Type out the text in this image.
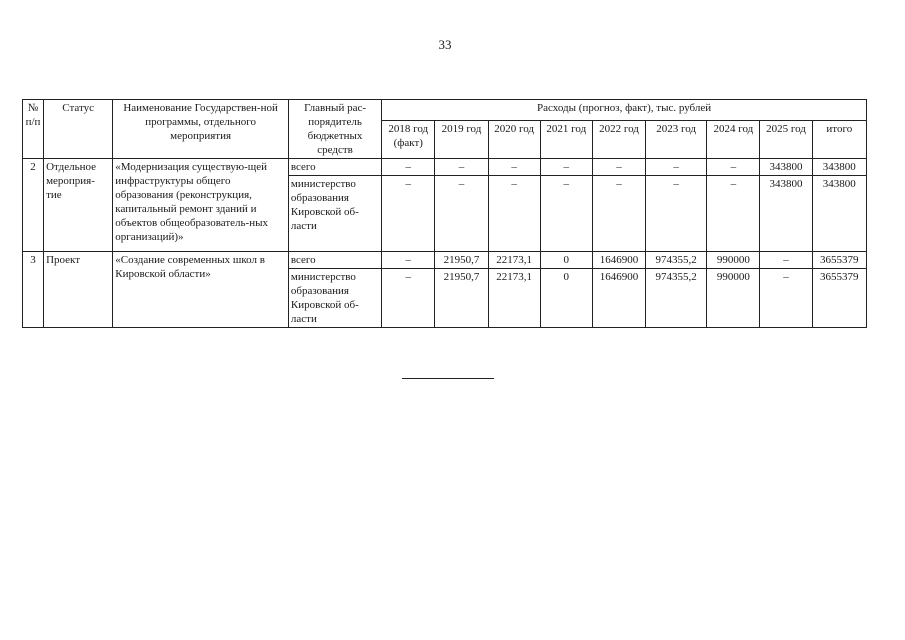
33
№ п/п	Статус	Наименование Государствен-ной программы, отдельного мероприятия	Главный рас-порядитель бюджетных средств	Расходы (прогноз, факт), тыс. рублей								
				2018 год (факт)	2019 год	2020 год	2021 год	2022 год	2023 год	2024 год	2025 год	итого
2	Отдельное мероприя-тие	«Модернизация существую-щей инфраструктуры общего образования (реконструкция, капитальный ремонт зданий и объектов общеобразователь-ных организаций)»	всего	–	–	–	–	–	–	–	343800	343800
			министерство образования Кировской об-ласти	–	–	–	–	–	–	–	343800	343800
3	Проект	«Создание современных школ в Кировской области»	всего	–	21950,7	22173,1	0	1646900	974355,2	990000	–	3655379
			министерство образования Кировской об-ласти	–	21950,7	22173,1	0	1646900	974355,2	990000	–	3655379
